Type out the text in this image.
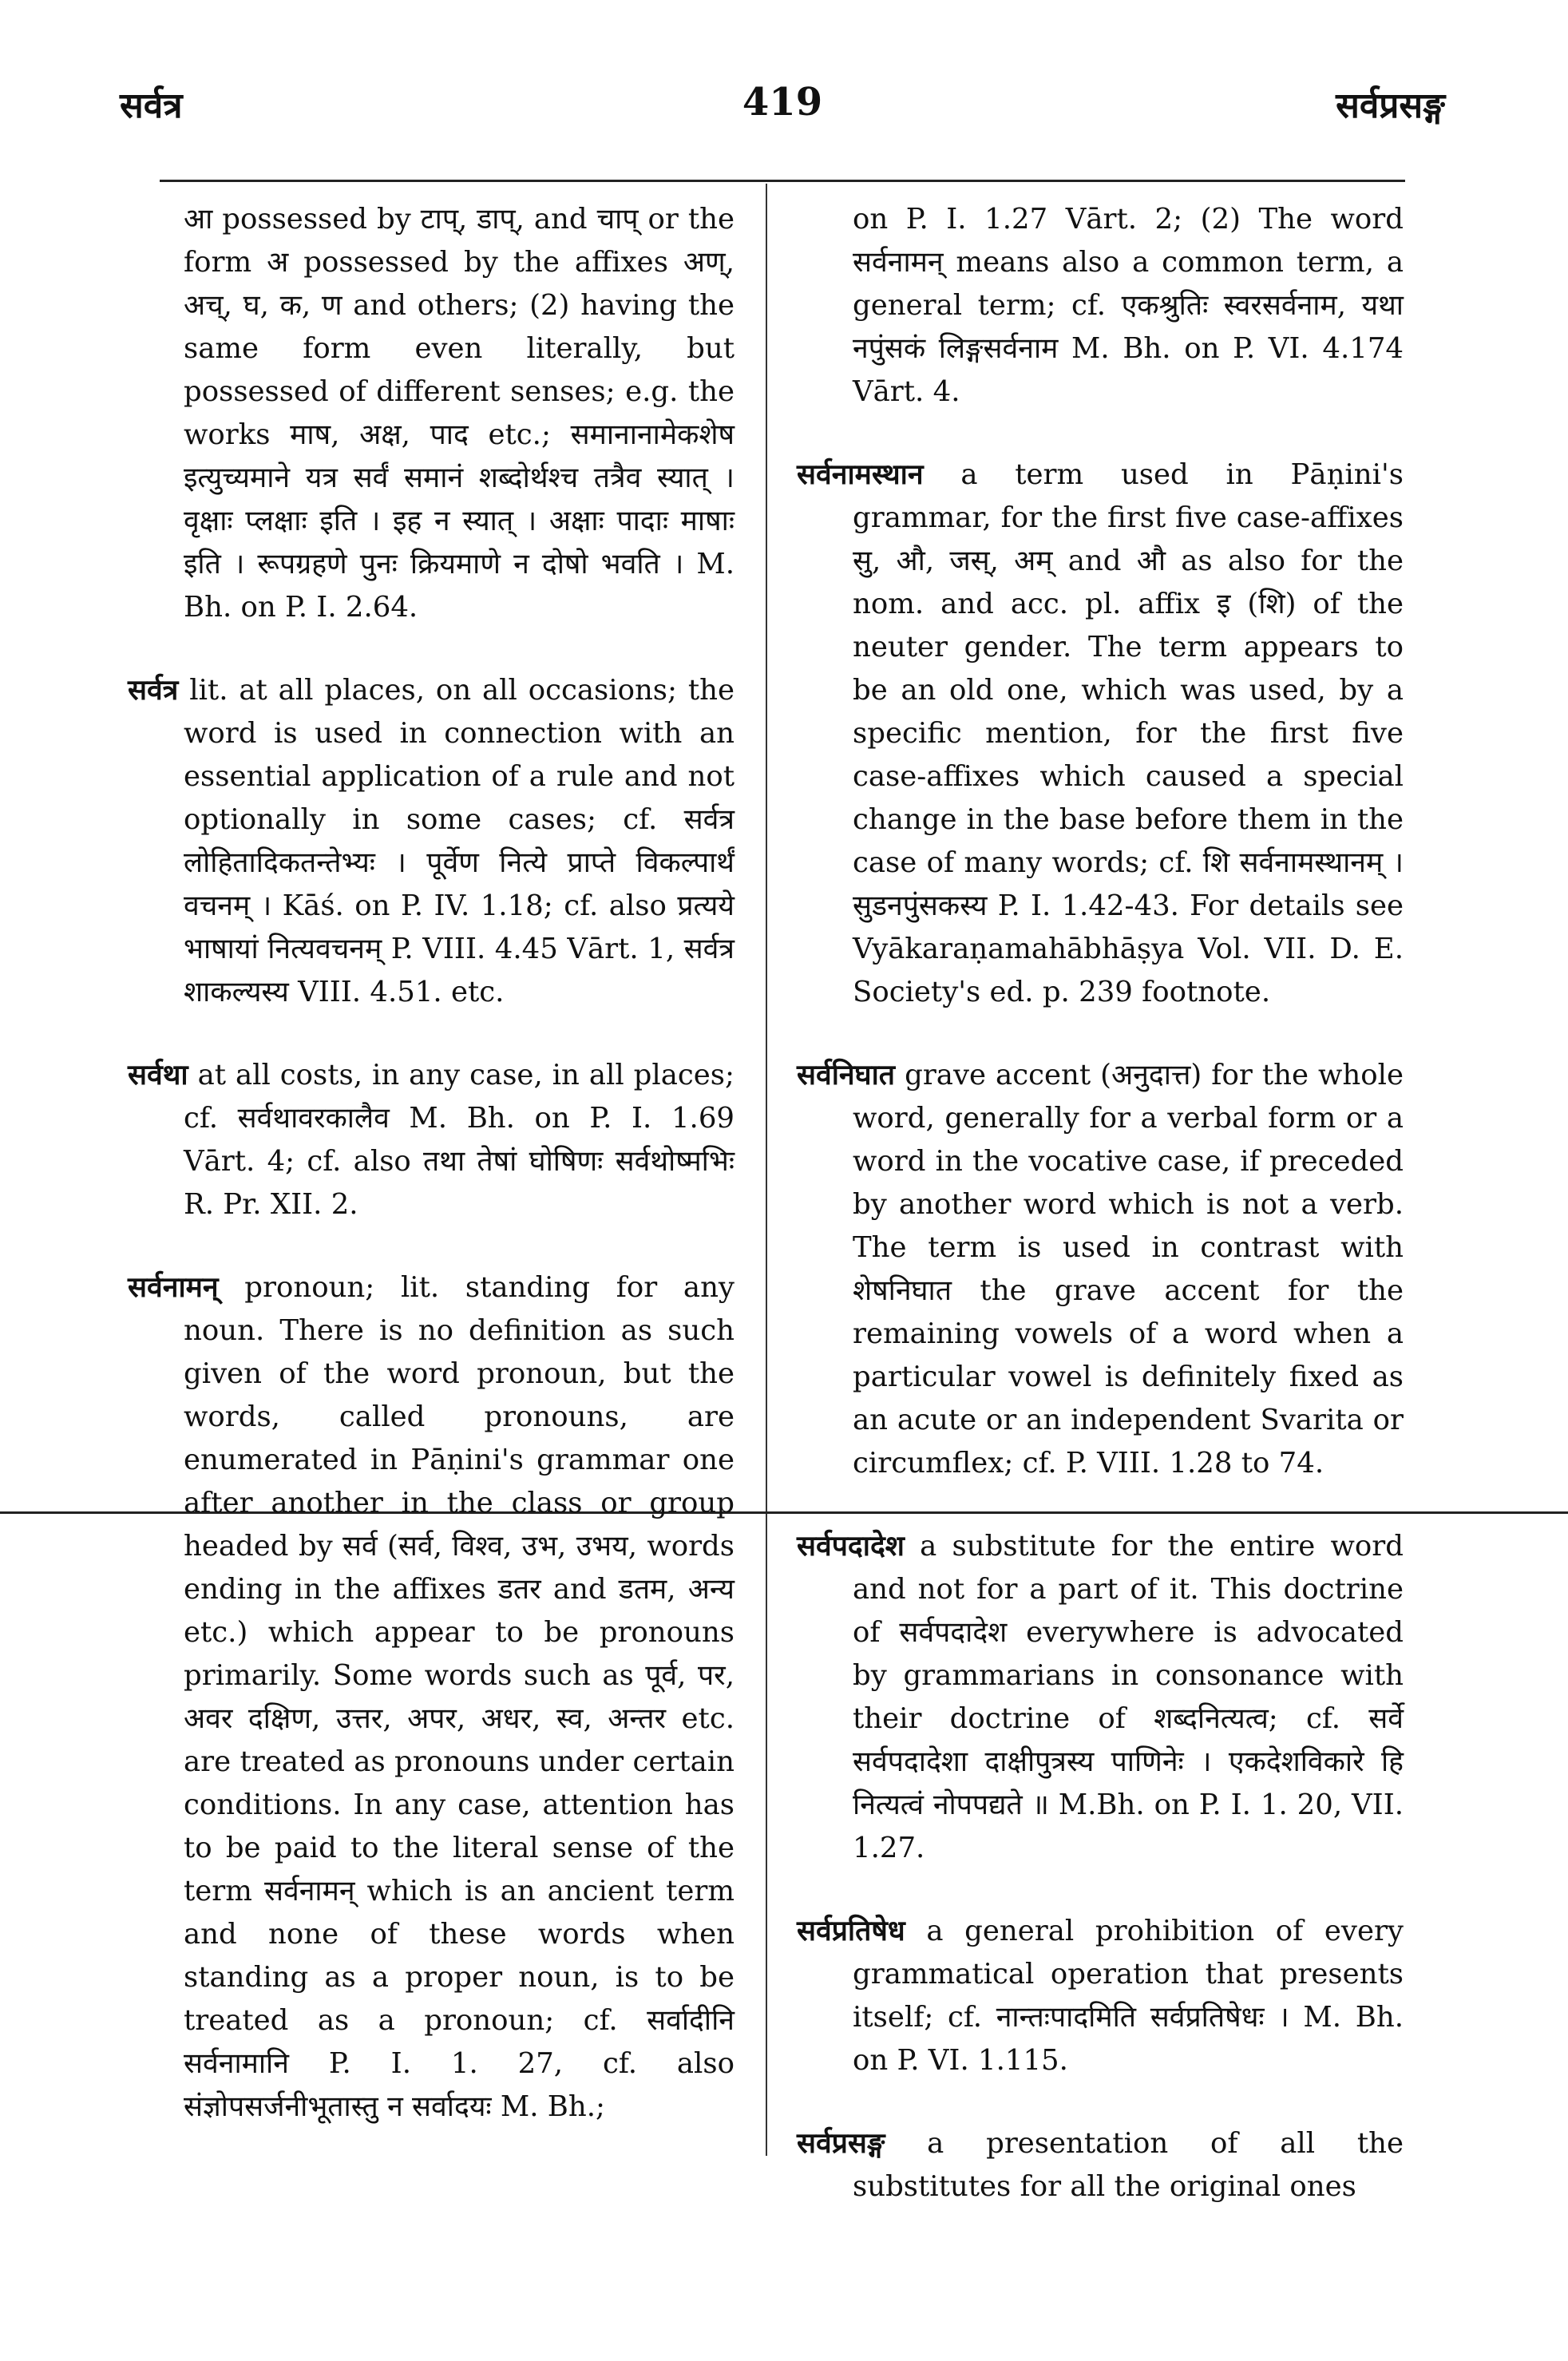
सर्वत्र	419	सर्वप्रसङ्ग

आ possessed by टाप्, डाप्, and चाप् or the form अ possessed by the affixes अण्, अच्, घ, क, ण and others; (2) having the same form even literally, but possessed of different senses; e.g. the works माष, अक्ष, पाद etc.; समानानामेकशेष इत्युच्यमाने यत्र सर्वं समानं शब्दोर्थश्च तत्रैव स्यात् । वृक्षाः प्लक्षाः इति । इह न स्यात् । अक्षाः पादाः माषाः इति । रूपग्रहणे पुनः क्रियमाणे न दोषो भवति । M. Bh. on P. I. 2.64.

सर्वत्र lit. at all places, on all occasions; the word is used in connection with an essential application of a rule and not optionally in some cases; cf. सर्वत्र लोहितादिकतन्तेभ्यः । पूर्वेण नित्ये प्राप्ते विकल्पार्थं वचनम् । Kāś. on P. IV. 1.18; cf. also प्रत्यये भाषायां नित्यवचनम् P. VIII. 4.45 Vārt. 1, सर्वत्र शाकल्यस्य VIII. 4.51. etc.

सर्वथा at all costs, in any case, in all places; cf. सर्वथावरकालैव M. Bh. on P. I. 1.69 Vārt. 4; cf. also तथा तेषां घोषिणः सर्वथोष्मभिः R. Pr. XII. 2.

सर्वनामन् pronoun; lit. standing for any noun. There is no definition as such given of the word pronoun, but the words, called pronouns, are enumerated in Pāṇini's grammar one after another in the class or group headed by सर्व (सर्व, विश्व, उभ, उभय, words ending in the affixes डतर and डतम, अन्य etc.) which appear to be pronouns primarily. Some words such as पूर्व, पर, अवर दक्षिण, उत्तर, अपर, अधर, स्व, अन्तर etc. are treated as pronouns under certain conditions. In any case, attention has to be paid to the literal sense of the term सर्वनामन् which is an ancient term and none of these words when standing as a proper noun, is to be treated as a pronoun; cf. सर्वादीनि सर्वनामानि P. I. 1. 27, cf. also संज्ञोपसर्जनीभूतास्तु न सर्वादयः M. Bh.;

on P. I. 1.27 Vārt. 2; (2) The word सर्वनामन् means also a common term, a general term; cf. एकश्रुतिः स्वरसर्वनाम, यथा नपुंसकं लिङ्गसर्वनाम M. Bh. on P. VI. 4.174 Vārt. 4.

सर्वनामस्थान a term used in Pāṇini's grammar, for the first five case-affixes सु, औ, जस्, अम् and औ as also for the nom. and acc. pl. affix इ (शि) of the neuter gender. The term appears to be an old one, which was used, by a specific mention, for the first five case-affixes which caused a special change in the base before them in the case of many words; cf. शि सर्वनामस्थानम् । सुडनपुंसकस्य P. I. 1.42-43. For details see Vyākaraṇamahābhāṣya Vol. VII. D. E. Society's ed. p. 239 footnote.

सर्वनिघात grave accent (अनुदात्त) for the whole word, generally for a verbal form or a word in the vocative case, if preceded by another word which is not a verb. The term is used in contrast with शेषनिघात the grave accent for the remaining vowels of a word when a particular vowel is definitely fixed as an acute or an independent Svarita or circumflex; cf. P. VIII. 1.28 to 74.

सर्वपदादेश a substitute for the entire word and not for a part of it. This doctrine of सर्वपदादेश everywhere is advocated by grammarians in consonance with their doctrine of शब्दनित्यत्व; cf. सर्वे सर्वपदादेशा दाक्षीपुत्रस्य पाणिनेः । एकदेशविकारे हि नित्यत्वं नोपपद्यते ॥ M.Bh. on P. I. 1. 20, VII. 1.27.

सर्वप्रतिषेध a general prohibition of every grammatical operation that presents itself; cf. नान्तःपादमिति सर्वप्रतिषेधः । M. Bh. on P. VI. 1.115.

सर्वप्रसङ्ग a presentation of all the substitutes for all the original ones
